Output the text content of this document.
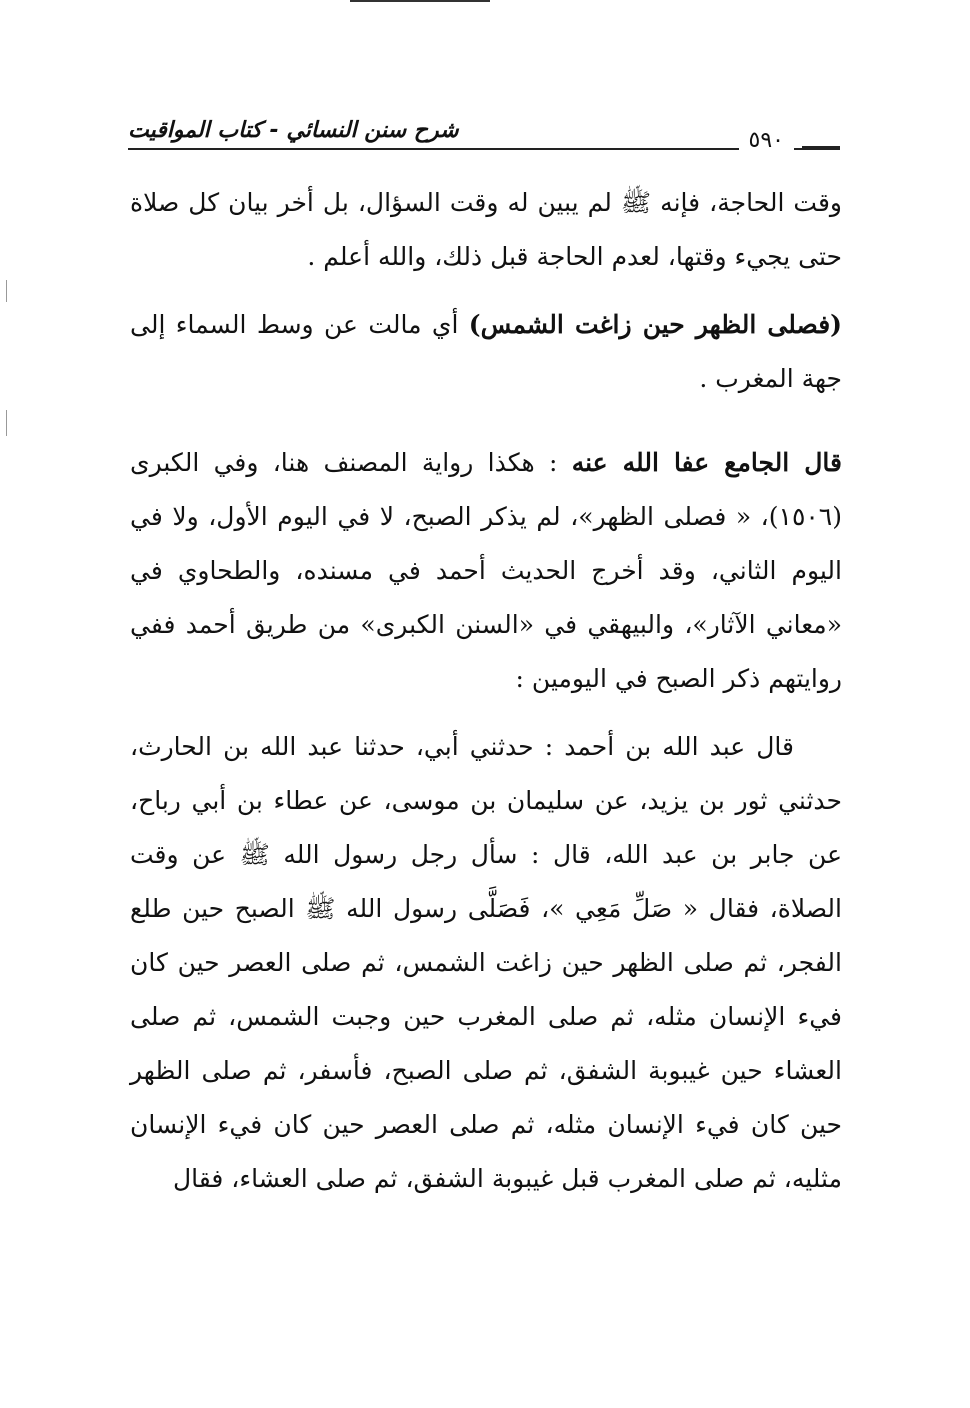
شرح سنن النسائي - كتاب المواقيت	٥٩٠

وقت الحاجة، فإنه ﷺ لم يبين له وقت السؤال، بل أخر بيان كل صلاة حتى يجيء وقتها، لعدم الحاجة قبل ذلك، والله أعلم .

(فصلى الظهر حين زاغت الشمس) أي مالت عن وسط السماء إلى جهة المغرب .

قال الجامع عفا الله عنه : هكذا رواية المصنف هنا، وفي الكبرى (١٥٠٦)، « فصلى الظهر»، لم يذكر الصبح، لا في اليوم الأول، ولا في اليوم الثاني، وقد أخرج الحديث أحمد في مسنده، والطحاوي في «معاني الآثار»، والبيهقي في «السنن الكبرى» من طريق أحمد ففي روايتهم ذكر الصبح في اليومين :

قال عبد الله بن أحمد : حدثني أبي، حدثنا عبد الله بن الحارث، حدثني ثور بن يزيد، عن سليمان بن موسى، عن عطاء بن أبي رباح، عن جابر بن عبد الله، قال : سأل رجل رسول الله ﷺ عن وقت الصلاة، فقال « صَلِّ مَعِي »، فَصَلَّى رسول الله ﷺ الصبح حين طلع الفجر، ثم صلى الظهر حين زاغت الشمس، ثم صلى العصر حين كان فيء الإنسان مثله، ثم صلى المغرب حين وجبت الشمس، ثم صلى العشاء حين غيبوبة الشفق، ثم صلى الصبح، فأسفر، ثم صلى الظهر حين كان فيء الإنسان مثله، ثم صلى العصر حين كان فيء الإنسان مثليه، ثم صلى المغرب قبل غيبوبة الشفق، ثم صلى العشاء، فقال
